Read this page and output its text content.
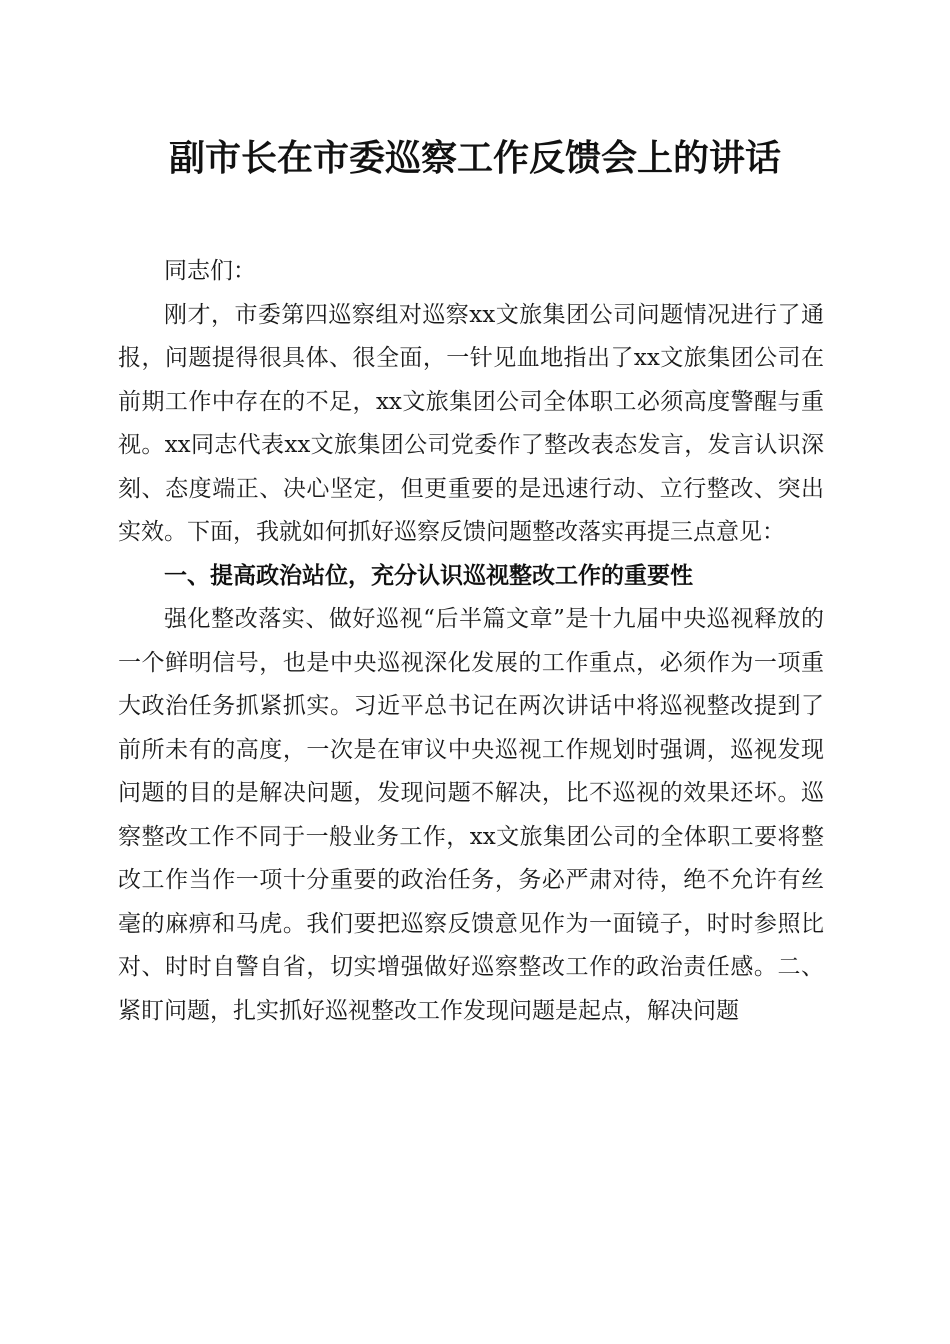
副市长在市委巡察工作反馈会上的讲话

同志们：

刚才，市委第四巡察组对巡察xx文旅集团公司问题情况进行了通报，问题提得很具体、很全面，一针见血地指出了xx文旅集团公司在前期工作中存在的不足，xx文旅集团公司全体职工必须高度警醒与重视。xx同志代表xx文旅集团公司党委作了整改表态发言，发言认识深刻、态度端正、决心坚定，但更重要的是迅速行动、立行整改、突出实效。下面，我就如何抓好巡察反馈问题整改落实再提三点意见：

一、提高政治站位，充分认识巡视整改工作的重要性

强化整改落实、做好巡视“后半篇文章”是十九届中央巡视释放的一个鲜明信号，也是中央巡视深化发展的工作重点，必须作为一项重大政治任务抓紧抓实。习近平总书记在两次讲话中将巡视整改提到了前所未有的高度，一次是在审议中央巡视工作规划时强调，巡视发现问题的目的是解决问题，发现问题不解决，比不巡视的效果还坏。巡察整改工作不同于一般业务工作，xx文旅集团公司的全体职工要将整改工作当作一项十分重要的政治任务，务必严肃对待，绝不允许有丝毫的麻痹和马虎。我们要把巡察反馈意见作为一面镜子，时时参照比对、时时自警自省，切实增强做好巡察整改工作的政治责任感。二、紧盯问题，扎实抓好巡视整改工作发现问题是起点，解决问题
